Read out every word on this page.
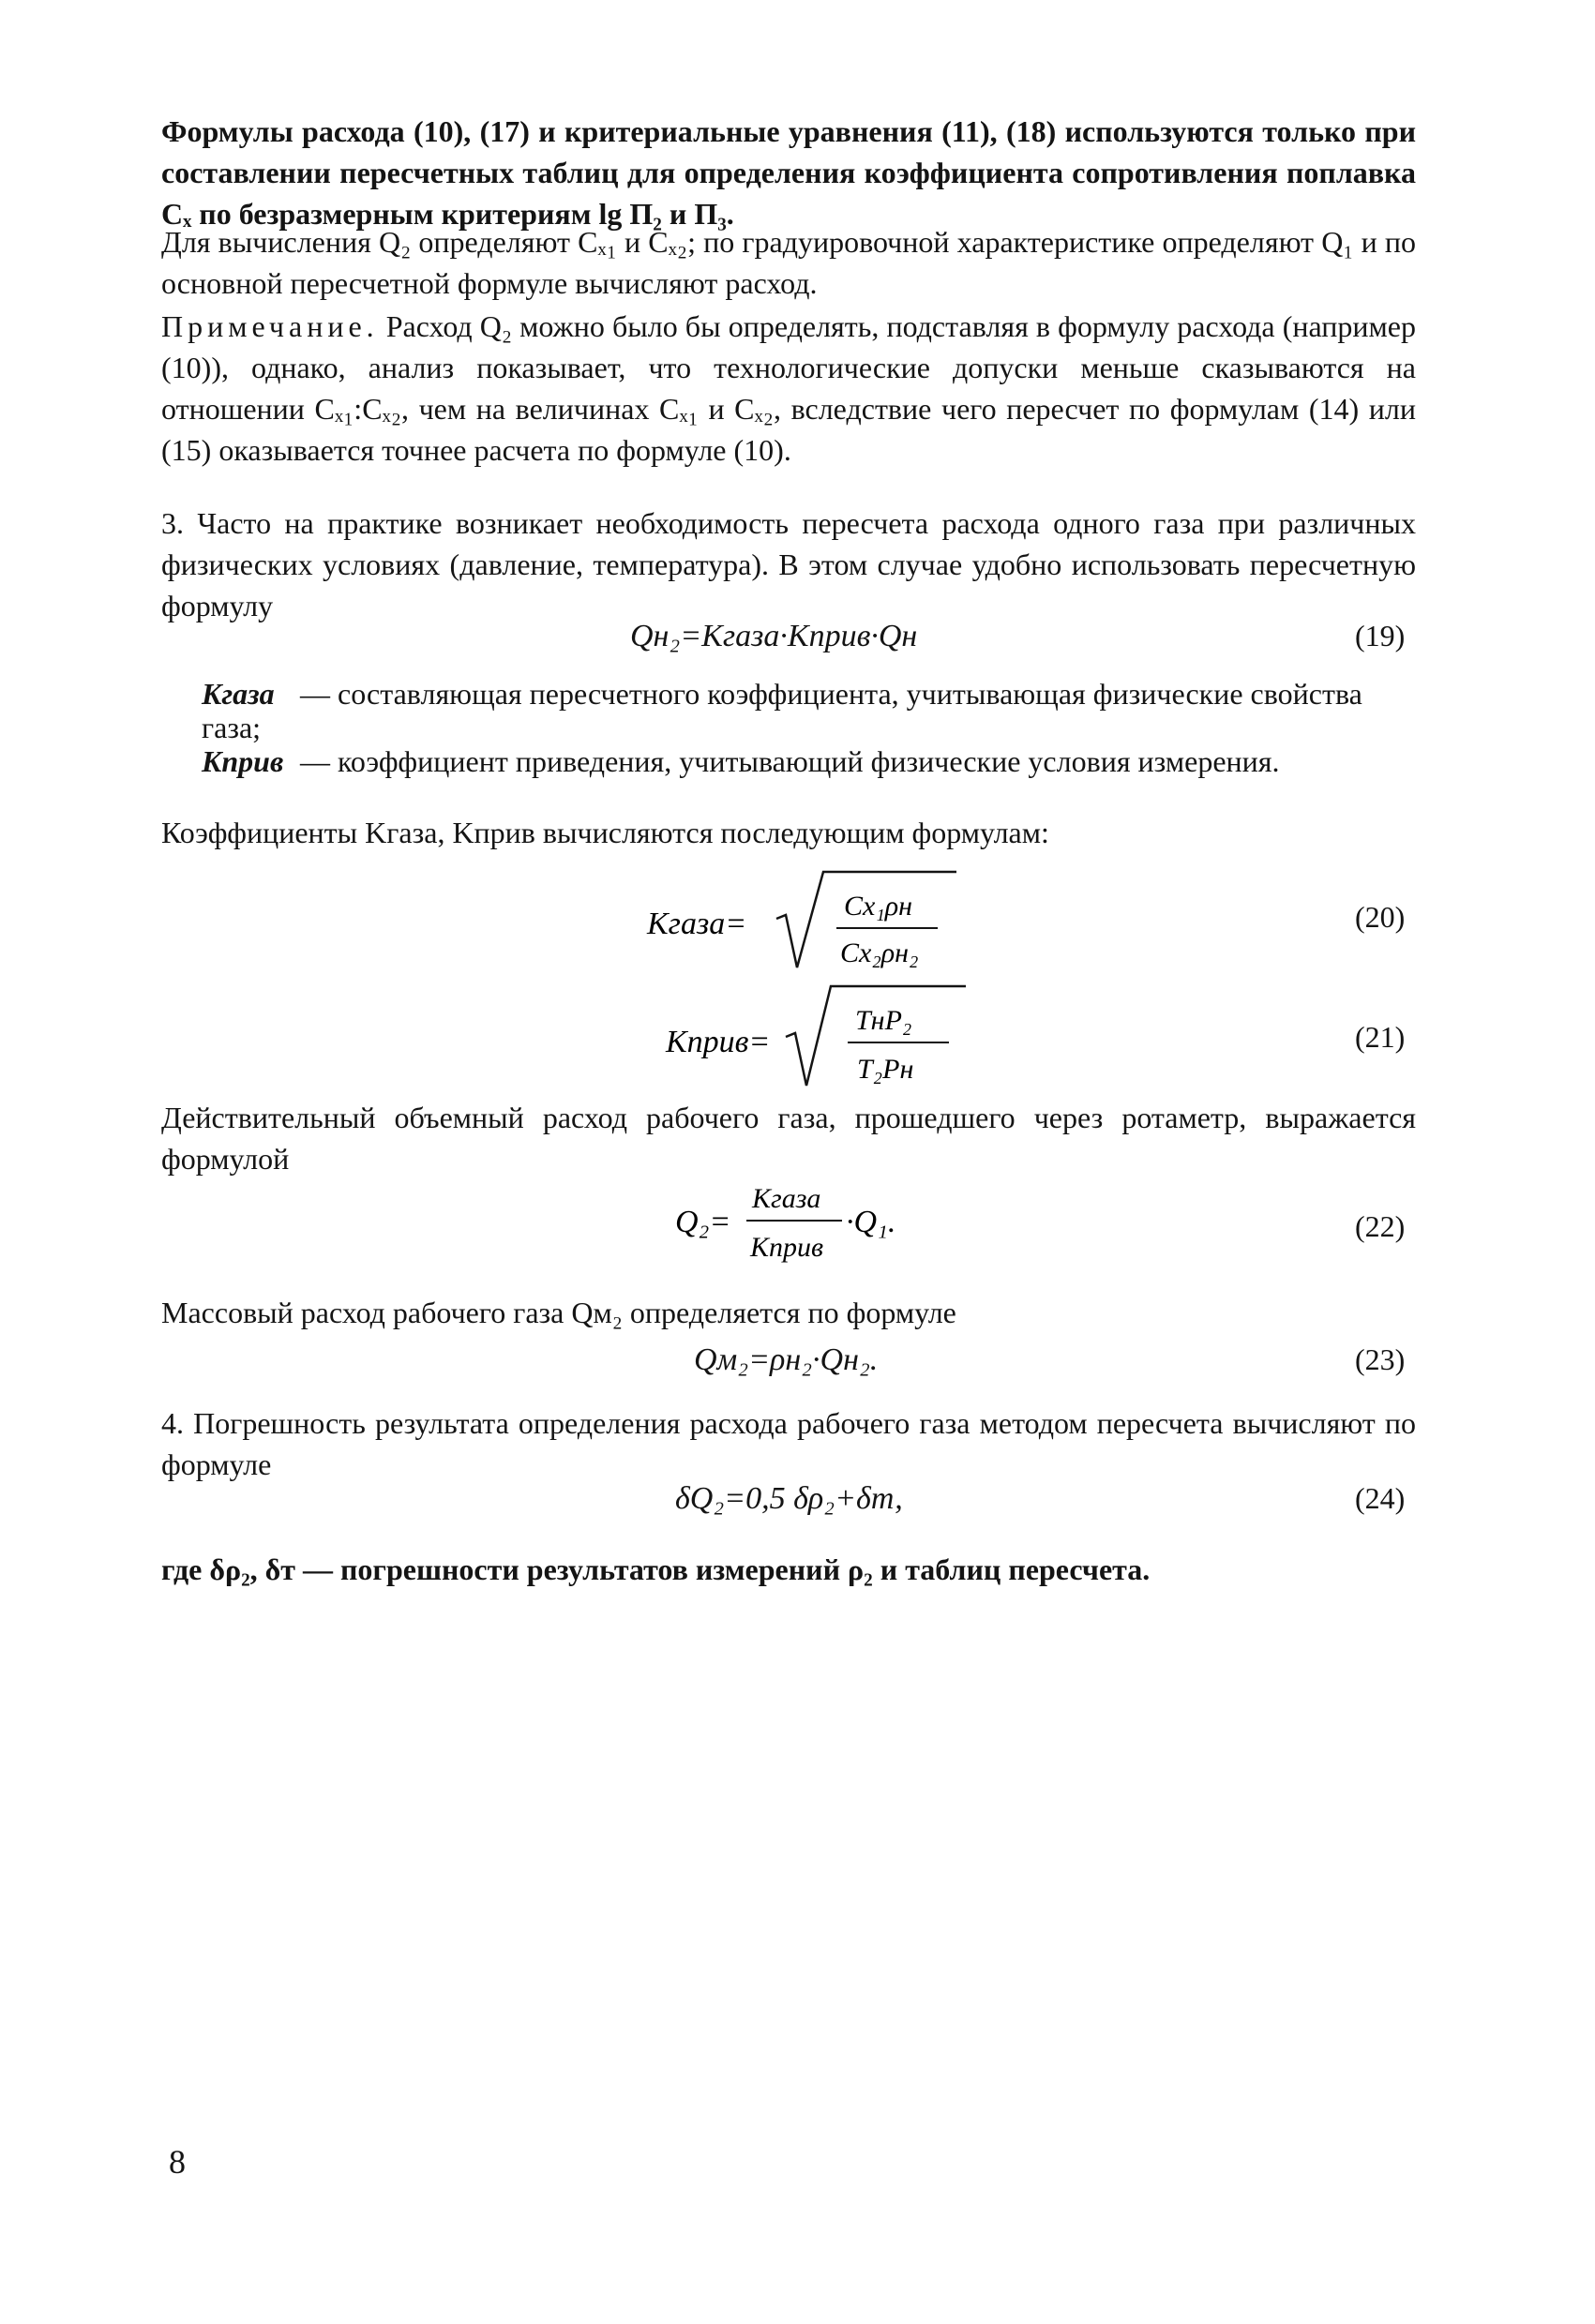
Формулы расхода (10), (17) и критериальные уравнения (11), (18) используются только при составлении пересчетных таблиц для определения коэффициента сопротивления поплавка Cₓ по безразмерным критериям lg П₂ и П₃.
Для вычисления Q₂ определяют Cₓ₁ и Cₓ₂; по градуировочной характеристике определяют Q₁ и по основной пересчетной формуле вычисляют расход.
Примечание. Расход Q₂ можно было бы определять, подставляя в формулу расхода (например (10)), однако, анализ показывает, что технологические допуски меньше сказываются на отношении Cₓ₁:Cₓ₂, чем на величинах Cₓ₁ и Cₓ₂, вследствие чего пересчет по формулам (14) или (15) оказывается точнее расчета по формуле (10).
3. Часто на практике возникает необходимость пересчета расхода одного газа при различных физических условиях (давление, температура). В этом случае удобно использовать пересчетную формулу
Qн₂=Kгаза·Kприв·Qн	(19)
Kгаза — составляющая пересчетного коэффициента, учитывающая физические свойства газа;
Kприв — коэффициент приведения, учитывающий физические условия измерения.
Коэффициенты Kгаза, Kприв вычисляются последующим формулам:
Kгаза=
Cx₁ρн
Cx₂ρн₂
(20)
Kприв=
TнP₂
T₂Pн
(21)
Действительный объемный расход рабочего газа, прошедшего через ротаметр, выражается формулой
Q₂=
Kгаза
Kприв
·Q₁.	(22)
Массовый расход рабочего газа Qм₂ определяется по формуле
Qм₂=ρн₂·Qн₂.	(23)
4. Погрешность результата определения расхода рабочего газа методом пересчета вычисляют по формуле
δQ₂=0,5 δρ₂+δт,	(24)
где δρ₂, δт — погрешности результатов измерений ρ₂ и таблиц пересчета.
8
